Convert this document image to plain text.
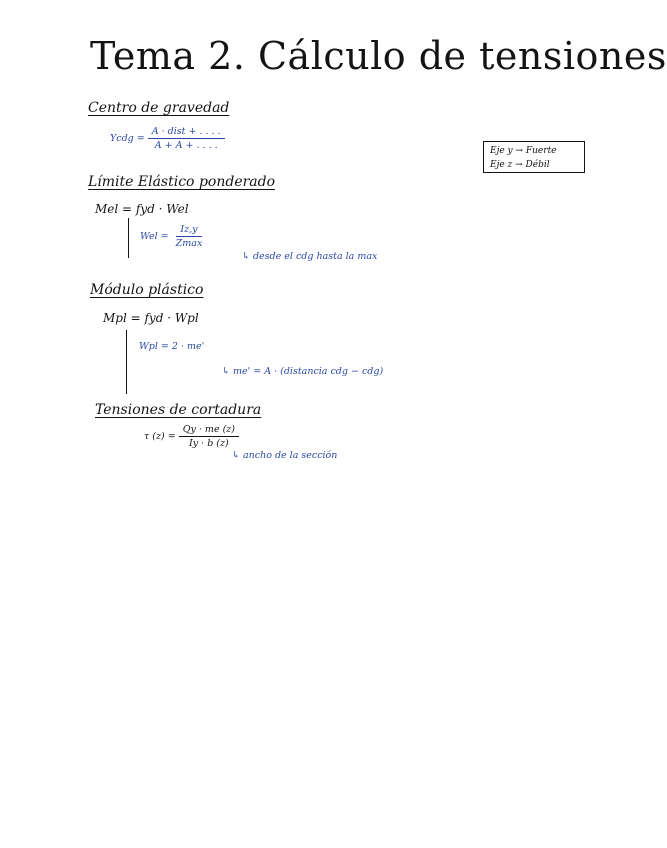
Tema 2. Cálculo de tensiones
Eje y → Fuerte
Eje z → Débil
Centro de gravedad
Ycdg = $\frac{\text{A · dist + . . . .}}{A + A + . . . .}$
Límite Elástico ponderado
Mel = fyd · Wel
Wel = $\frac{Iz,y}{Zmax}$
↳ desde el cdg hasta la max
Módulo plástico
Mpl = fyd · Wpl
Wpl = 2 · me'
↳ me' = A · (distancia cdg − cdg)
Tensiones de cortadura
τ $(z) = \frac{Qy \cdot me (z)}{Iy \cdot b (z)}$
↳ ancho de la sección
